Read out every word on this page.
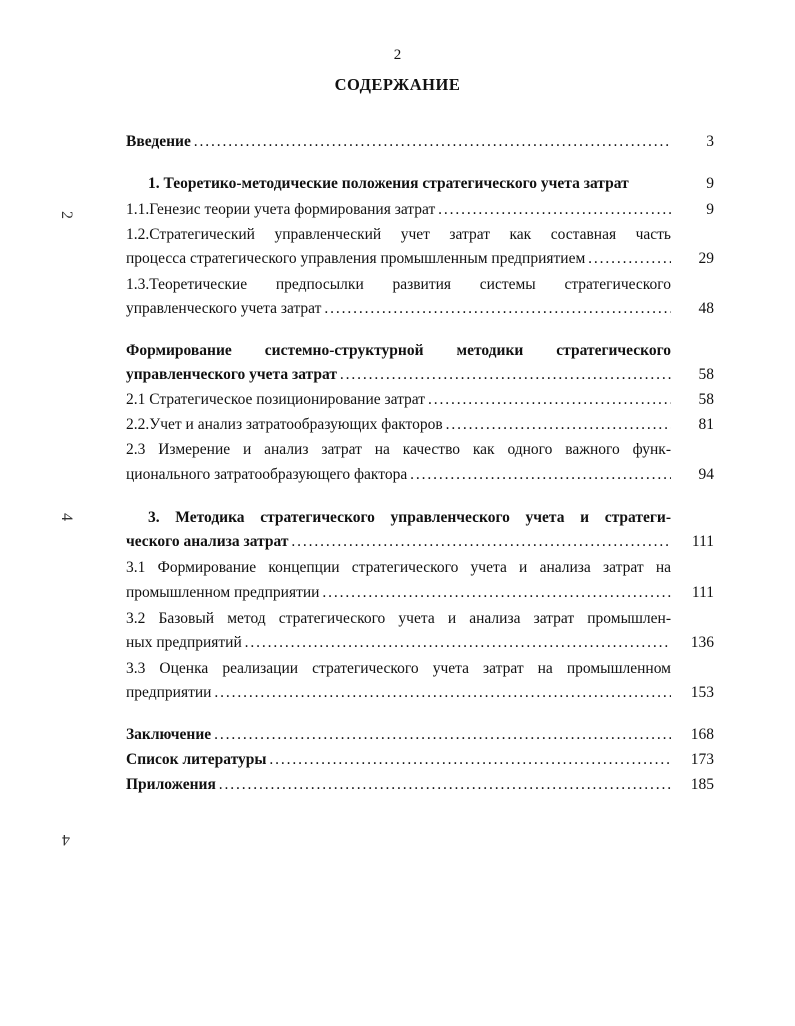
2
СОДЕРЖАНИЕ
Введение . . .	3
1. Теоретико-методические положения стратегического учета затрат	9
1.1.Генезис теории учета формирования затрат . . .	9
1.2.Стратегический управленческий учет затрат как составная часть
процесса стратегического управления промышленным предприятием . . .	29
1.3.Теоретические предпосылки развития системы стратегического
управленческого учета затрат . . .	48
Формирование системно-структурной методики стратегического
управленческого учета затрат . . .	58
2.1 Стратегическое позиционирование затрат . . .	58
2.2.Учет и анализ затратообразующих факторов . . .	81
2.3 Измерение и анализ затрат на качество как одного важного функ-
ционального затратообразующего фактора . . .	94
3. Методика стратегического управленческого учета и стратеги-
ческого анализа затрат . . .	111
3.1 Формирование концепции стратегического учета и анализа затрат на
промышленном предприятии . . .	111
3.2 Базовый метод стратегического учета и анализа затрат промышлен-
ных предприятий . . .	136
3.3 Оценка реализации стратегического учета затрат на промышленном
предприятии . . .	153
Заключение . . .	168
Список литературы . . .	173
Приложения . . .	185
2
4
4
